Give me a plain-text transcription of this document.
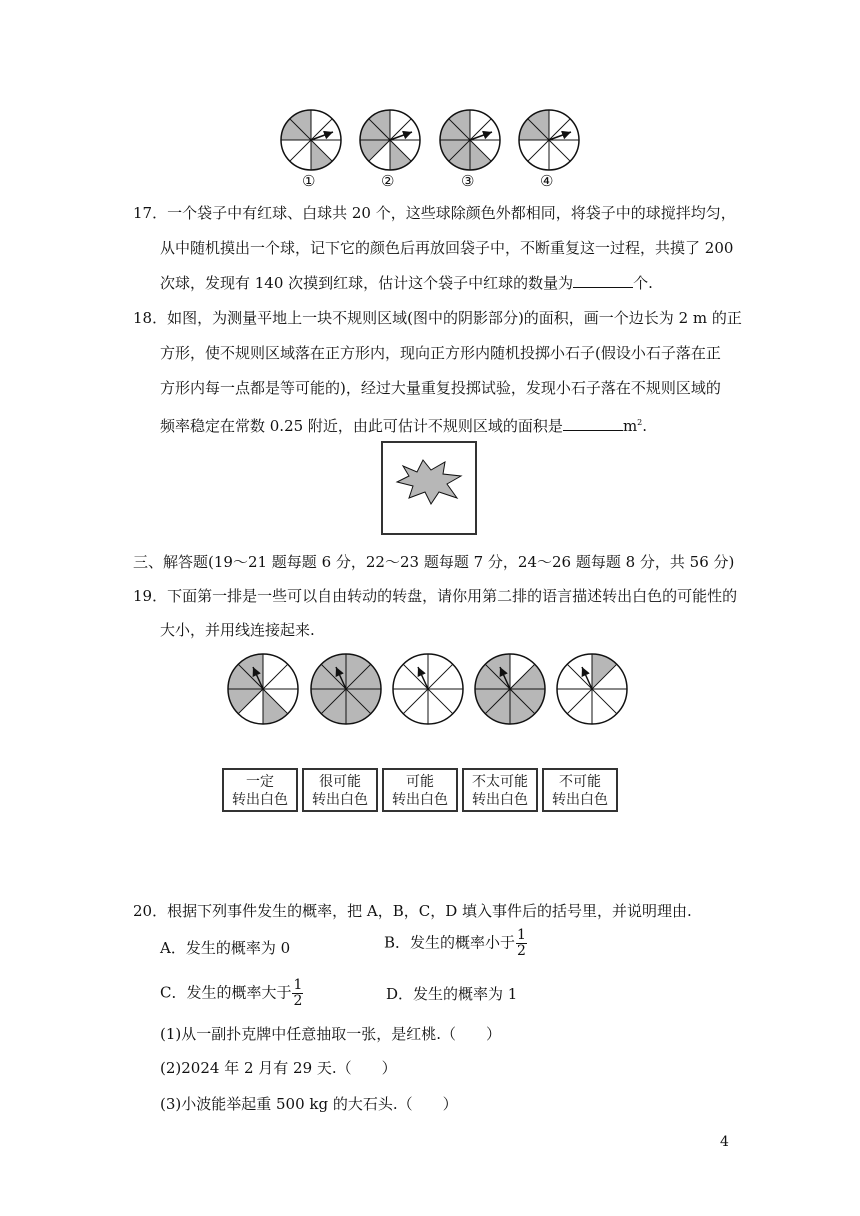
①	②	③	④
17．一个袋子中有红球、白球共 20 个，这些球除颜色外都相同，将袋子中的球搅拌均匀，
从中随机摸出一个球，记下它的颜色后再放回袋子中，不断重复这一过程，共摸了 200
次球，发现有 140 次摸到红球，估计这个袋子中红球的数量为	个.
18．如图，为测量平地上一块不规则区域(图中的阴影部分)的面积，画一个边长为 2 m 的正
方形，使不规则区域落在正方形内，现向正方形内随机投掷小石子(假设小石子落在正
方形内每一点都是等可能的)，经过大量重复投掷试验，发现小石子落在不规则区域的
频率稳定在常数 0.25 附近，由此可估计不规则区域的面积是	$m^2$.
三、解答题(19～21 题每题 6 分，22～23 题每题 7 分，24～26 题每题 8 分，共 56 分)
19．下面第一排是一些可以自由转动的转盘，请你用第二排的语言描述转出白色的可能性的
大小，并用线连接起来.
一定
转出白色
很可能
转出白色
可能
转出白色
不太可能
转出白色
不可能
转出白色
20．根据下列事件发生的概率，把 A，B，C，D 填入事件后的括号里，并说明理由.
A．发生的概率为 0	B．发生的概率小于 $\frac{1}{2}$
C．发生的概率大于 $\frac{1}{2}$	D．发生的概率为 1
(1)从一副扑克牌中任意抽取一张，是红桃.（　　）
(2)2024 年 2 月有 29 天.（　　）
(3)小波能举起重 500 kg 的大石头.（　　）
4
